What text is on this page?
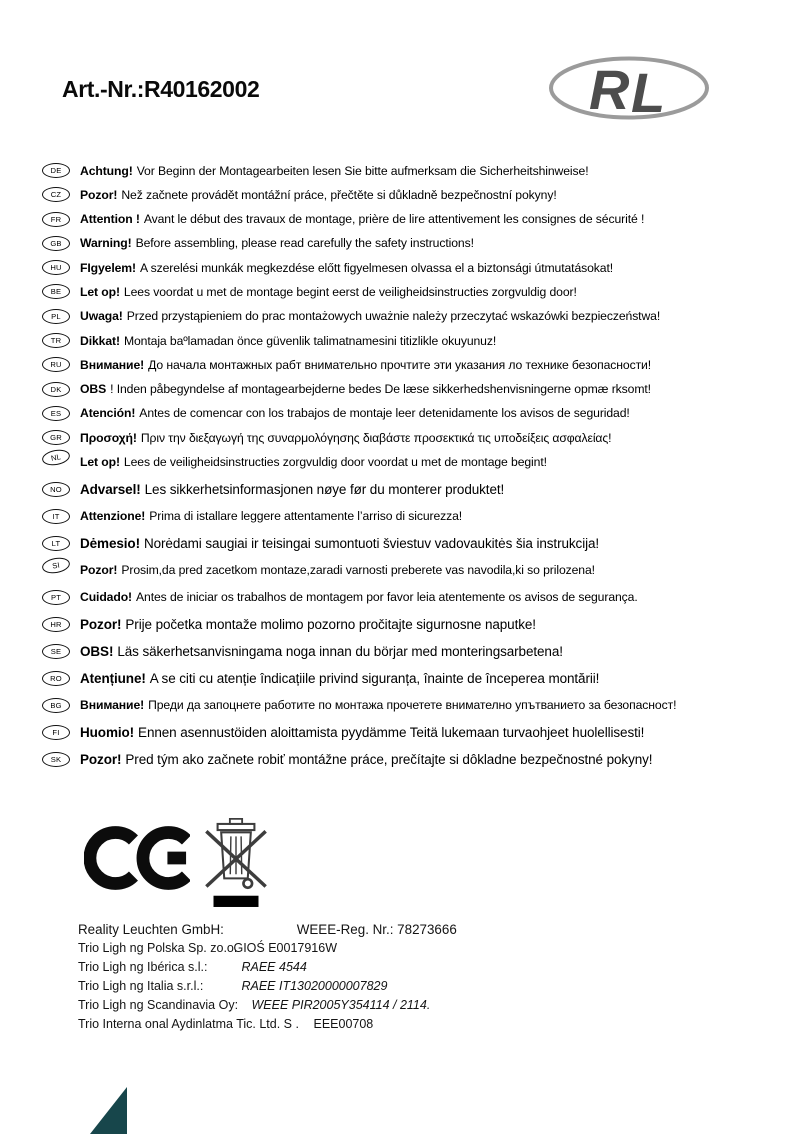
Art.-Nr.:R40162002	R L
DE	Achtung! Vor Beginn der Montagearbeiten lesen Sie bitte aufmerksam die Sicherheitshinweise!
CZ	Pozor! Než začnete provádět montážní práce, přečtěte si důkladně bezpečnostní pokyny!
FR	Attention ! Avant le début des travaux de montage, prière de lire attentivement les consignes de sécurité !
GB	Warning! Before assembling, please read carefully the safety instructions!
HU	FIgyelem! A szerelési munkák megkezdése előtt figyelmesen olvassa el a biztonsági útmutatásokat!
BE	Let op! Lees voordat u met de montage begint eerst de veiligheidsinstructies zorgvuldig door!
PL	Uwaga! Przed przystąpieniem do prac montażowych uważnie należy przeczytać wskazówki bezpieczeństwa!
TR	Dikkat! Montaja baºlamadan önce güvenlik talimatnamesini titizlikle okuyunuz!
RU	Внимание! До начала монтажных рабт внимательно прочтите эти указания ло технике безопасности!
DK	OBS ! Inden påbegyndelse af montagearbejderne bedes De læse sikkerhedshenvisningerne opmæ rksomt!
ES	Atención! Antes de comencar con los trabajos de montaje leer detenidamente los avisos de seguridad!
GR	Προσοχή! Πριν την διεξαγωγή της συναρμολόγησης διαβάστε προσεκτικά τις υποδείξεις ασφαλείας!
NL	Let op! Lees de veiligheidsinstructies zorgvuldig door voordat u met de montage begint!
NO	Advarsel! Les sikkerhetsinformasjonen nøye før du monterer produktet!
IT	Attenzione! Prima di istallare leggere attentamente l’arriso di sicurezza!
LT	Dėmesio! Norėdami saugiai ir teisingai sumontuoti šviestuv vadovaukitės šia instrukcija!
SI	Pozor! Prosim,da pred zacetkom montaze,zaradi varnosti preberete vas navodila,ki so prilozena!
PT	Cuidado! Antes de iniciar os trabalhos de montagem por favor leia atentemente os avisos de segurança.
HR	Pozor! Prije početka montaže molimo pozorno pročitajte sigurnosne naputke!
SE	OBS! Läs säkerhetsanvisningama noga innan du börjar med monteringsarbetena!
RO	Atențiune! A se citi cu atenție îndicațiile privind siguranța, înainte de începerea montării!
BG	Внимание! Преди да запоцнете работите по монтажа прочетете внимателно упътванието за безопасност!
FI	Huomio! Ennen asennustöiden aloittamista pyydämme Teitä lukemaan turvaohjeet huolellisesti!
SK	Pozor! Pred tým ako začnete robiť montážne práce, prečítajte si dôkladne bezpečnostné pokyny!
Reality Leuchten GmbH:	WEEE-Reg. Nr.: 78273666
Trio Ligh ng Polska Sp. zo.o. GIOŚ E0017916W
Trio Ligh ng Ibérica s.l.:	RAEE 4544
Trio Ligh ng Italia s.r.l.:	RAEE IT13020000007829
Trio Ligh ng Scandinavia Oy: WEEE PIR2005Y354114 / 2114.
Trio Interna onal Aydinlatma Tic. Ltd. S . EEE00708
